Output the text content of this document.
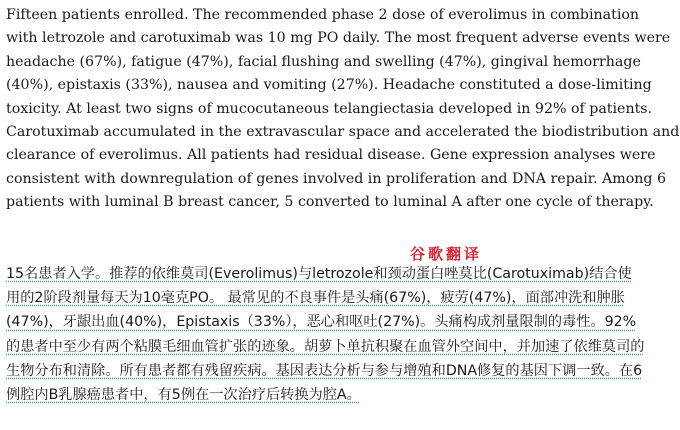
Fifteen patients enrolled. The recommended phase 2 dose of everolimus in combination
with letrozole and carotuximab was 10 mg PO daily. The most frequent adverse events were
headache (67%), fatigue (47%), facial flushing and swelling (47%), gingival hemorrhage
(40%), epistaxis (33%), nausea and vomiting (27%). Headache constituted a dose-limiting
toxicity. At least two signs of mucocutaneous telangiectasia developed in 92% of patients.
Carotuximab accumulated in the extravascular space and accelerated the biodistribution and
clearance of everolimus. All patients had residual disease. Gene expression analyses were
consistent with downregulation of genes involved in proliferation and DNA repair. Among 6
patients with luminal B breast cancer, 5 converted to luminal A after one cycle of therapy.
谷歌翻译
15名患者入学。推荐的依维莫司(Everolimus)与letrozole和颈动蛋白唑莫比(Carotuximab)结合使
用的2阶段剂量每天为10毫克PO。 最常见的不良事件是头痛(67%)，疲劳(47%)，面部冲洗和肿胀
(47%)，牙龈出血(40%)，Epistaxis（33%），恶心和呕吐(27%)。头痛构成剂量限制的毒性。92%
的患者中至少有两个粘膜毛细血管扩张的迹象。胡萝卜单抗积聚在血管外空间中，并加速了依维莫司的
生物分布和清除。所有患者都有残留疾病。基因表达分析与参与增殖和DNA修复的基因下调一致。在6
例腔内B乳腺癌患者中，有5例在一次治疗后转换为腔A。
